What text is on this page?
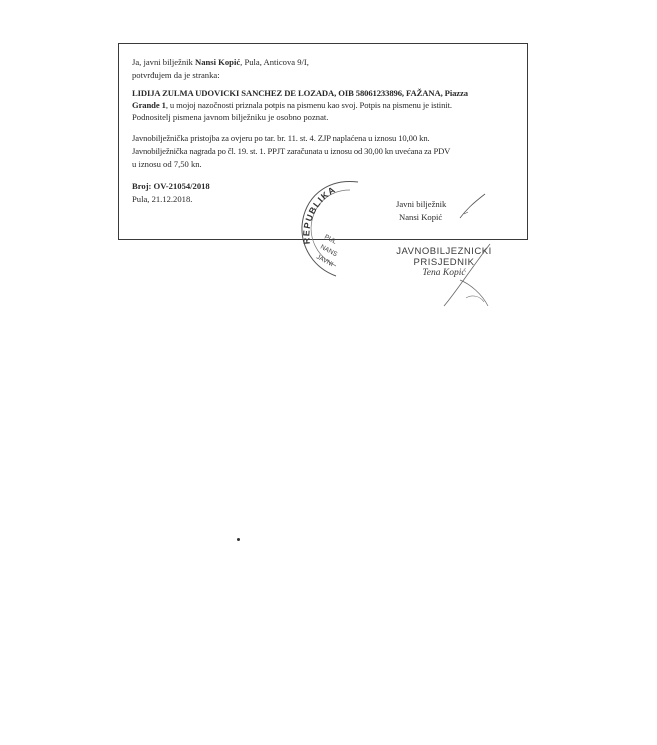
Ja, javni bilježnik Nansi Kopić, Pula, Anticova 9/I,
potvrđujem da je stranka:
LIDIJA ZULMA UDOVICKI SANCHEZ DE LOZADA, OIB 58061233896, FAŽANA, Piazza
Grande 1, u mojoj nazočnosti priznala potpis na pismenu kao svoj. Potpis na pismenu je istinit.
Podnositelj pismena javnom bilježniku je osobno poznat.
Javnobilježnička pristojba za ovjeru po tar. br. 11. st. 4. ZJP naplaćena u iznosu 10,00 kn.
Javnobilježnička nagrada po čl. 19. st. 1. PPJT zaračunata u iznosu od 30,00 kn uvećana za PDV
u iznosu od 7,50 kn.
Broj: OV-21054/2018
Pula, 21.12.2018.	Javni bilježnik
Nansi Kopić
REPUBLIKA
PUL
NANS
JAVNI
JAVNOBILJEZNICKI
PRISJEDNIK
Tena Kopić
